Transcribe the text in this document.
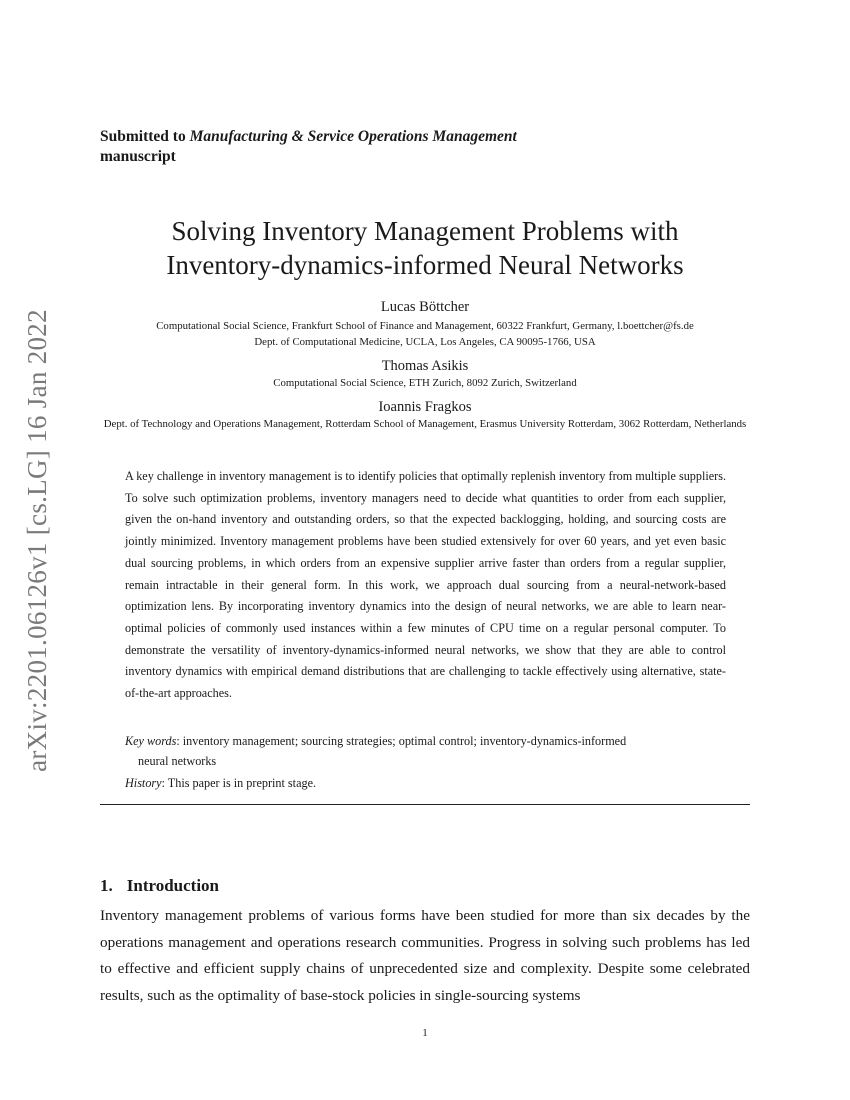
arXiv:2201.06126v1 [cs.LG] 16 Jan 2022
Submitted to Manufacturing & Service Operations Management
manuscript
Solving Inventory Management Problems with
Inventory-dynamics-informed Neural Networks
Lucas Böttcher
Computational Social Science, Frankfurt School of Finance and Management, 60322 Frankfurt, Germany, l.boettcher@fs.de
Dept. of Computational Medicine, UCLA, Los Angeles, CA 90095-1766, USA
Thomas Asikis
Computational Social Science, ETH Zurich, 8092 Zurich, Switzerland
Ioannis Fragkos
Dept. of Technology and Operations Management, Rotterdam School of Management, Erasmus University Rotterdam, 3062 Rotterdam, Netherlands

A key challenge in inventory management is to identify policies that optimally replenish inventory from multiple suppliers. To solve such optimization problems, inventory managers need to decide what quantities to order from each supplier, given the on-hand inventory and outstanding orders, so that the expected backlogging, holding, and sourcing costs are jointly minimized. Inventory management problems have been studied extensively for over 60 years, and yet even basic dual sourcing problems, in which orders from an expensive supplier arrive faster than orders from a regular supplier, remain intractable in their general form. In this work, we approach dual sourcing from a neural-network-based optimization lens. By incorporating inventory dynamics into the design of neural networks, we are able to learn near-optimal policies of commonly used instances within a few minutes of CPU time on a regular personal computer. To demonstrate the versatility of inventory-dynamics-informed neural networks, we show that they are able to control inventory dynamics with empirical demand distributions that are challenging to tackle effectively using alternative, state-of-the-art approaches.

Key words: inventory management; sourcing strategies; optimal control; inventory-dynamics-informed
neural networks
History: This paper is in preprint stage.
1. Introduction

Inventory management problems of various forms have been studied for more than six decades by the operations management and operations research communities. Progress in solving such problems has led to effective and efficient supply chains of unprecedented size and complexity. Despite some celebrated results, such as the optimality of base-stock policies in single-sourcing systems

1
